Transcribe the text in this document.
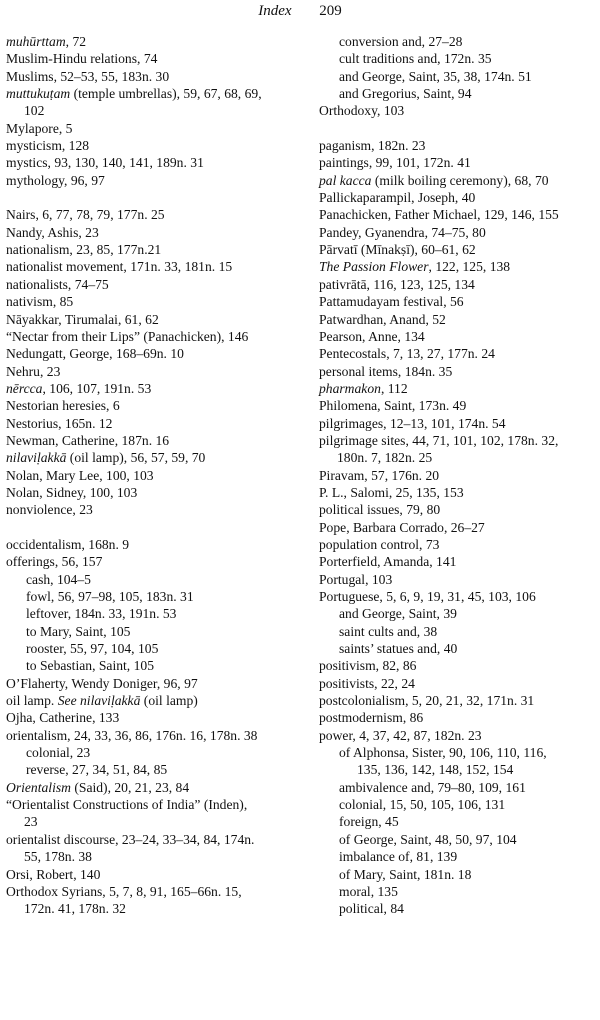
Index 209
muhūrttam, 72
Muslim-Hindu relations, 74
Muslims, 52–53, 55, 183n. 30
muttukuṭam (temple umbrellas), 59, 67, 68, 69,
102
Mylapore, 5
mysticism, 128
mystics, 93, 130, 140, 141, 189n. 31
mythology, 96, 97
Nairs, 6, 77, 78, 79, 177n. 25
Nandy, Ashis, 23
nationalism, 23, 85, 177n.21
nationalist movement, 171n. 33, 181n. 15
nationalists, 74–75
nativism, 85
Nāyakkar, Tirumalai, 61, 62
“Nectar from their Lips” (Panachicken), 146
Nedungatt, George, 168–69n. 10
Nehru, 23
nērcca, 106, 107, 191n. 53
Nestorian heresies, 6
Nestorius, 165n. 12
Newman, Catherine, 187n. 16
nilaviḷakkā (oil lamp), 56, 57, 59, 70
Nolan, Mary Lee, 100, 103
Nolan, Sidney, 100, 103
nonviolence, 23
occidentalism, 168n. 9
offerings, 56, 157
cash, 104–5
fowl, 56, 97–98, 105, 183n. 31
leftover, 184n. 33, 191n. 53
to Mary, Saint, 105
rooster, 55, 97, 104, 105
to Sebastian, Saint, 105
O’Flaherty, Wendy Doniger, 96, 97
oil lamp. See nilaviḷakkā (oil lamp)
Ojha, Catherine, 133
orientalism, 24, 33, 36, 86, 176n. 16, 178n. 38
colonial, 23
reverse, 27, 34, 51, 84, 85
Orientalism (Said), 20, 21, 23, 84
“Orientalist Constructions of India” (Inden),
23
orientalist discourse, 23–24, 33–34, 84, 174n.
55, 178n. 38
Orsi, Robert, 140
Orthodox Syrians, 5, 7, 8, 91, 165–66n. 15,
172n. 41, 178n. 32
conversion and, 27–28
cult traditions and, 172n. 35
and George, Saint, 35, 38, 174n. 51
and Gregorius, Saint, 94
Orthodoxy, 103
paganism, 182n. 23
paintings, 99, 101, 172n. 41
pal kacca (milk boiling ceremony), 68, 70
Pallickaparampil, Joseph, 40
Panachicken, Father Michael, 129, 146, 155
Pandey, Gyanendra, 74–75, 80
Pārvatī (Mīnakṣī), 60–61, 62
The Passion Flower, 122, 125, 138
pativrātā, 116, 123, 125, 134
Pattamudayam festival, 56
Patwardhan, Anand, 52
Pearson, Anne, 134
Pentecostals, 7, 13, 27, 177n. 24
personal items, 184n. 35
pharmakon, 112
Philomena, Saint, 173n. 49
pilgrimages, 12–13, 101, 174n. 54
pilgrimage sites, 44, 71, 101, 102, 178n. 32,
180n. 7, 182n. 25
Piravam, 57, 176n. 20
P. L., Salomi, 25, 135, 153
political issues, 79, 80
Pope, Barbara Corrado, 26–27
population control, 73
Porterfield, Amanda, 141
Portugal, 103
Portuguese, 5, 6, 9, 19, 31, 45, 103, 106
and George, Saint, 39
saint cults and, 38
saints’ statues and, 40
positivism, 82, 86
positivists, 22, 24
postcolonialism, 5, 20, 21, 32, 171n. 31
postmodernism, 86
power, 4, 37, 42, 87, 182n. 23
of Alphonsa, Sister, 90, 106, 110, 116,
135, 136, 142, 148, 152, 154
ambivalence and, 79–80, 109, 161
colonial, 15, 50, 105, 106, 131
foreign, 45
of George, Saint, 48, 50, 97, 104
imbalance of, 81, 139
of Mary, Saint, 181n. 18
moral, 135
political, 84
